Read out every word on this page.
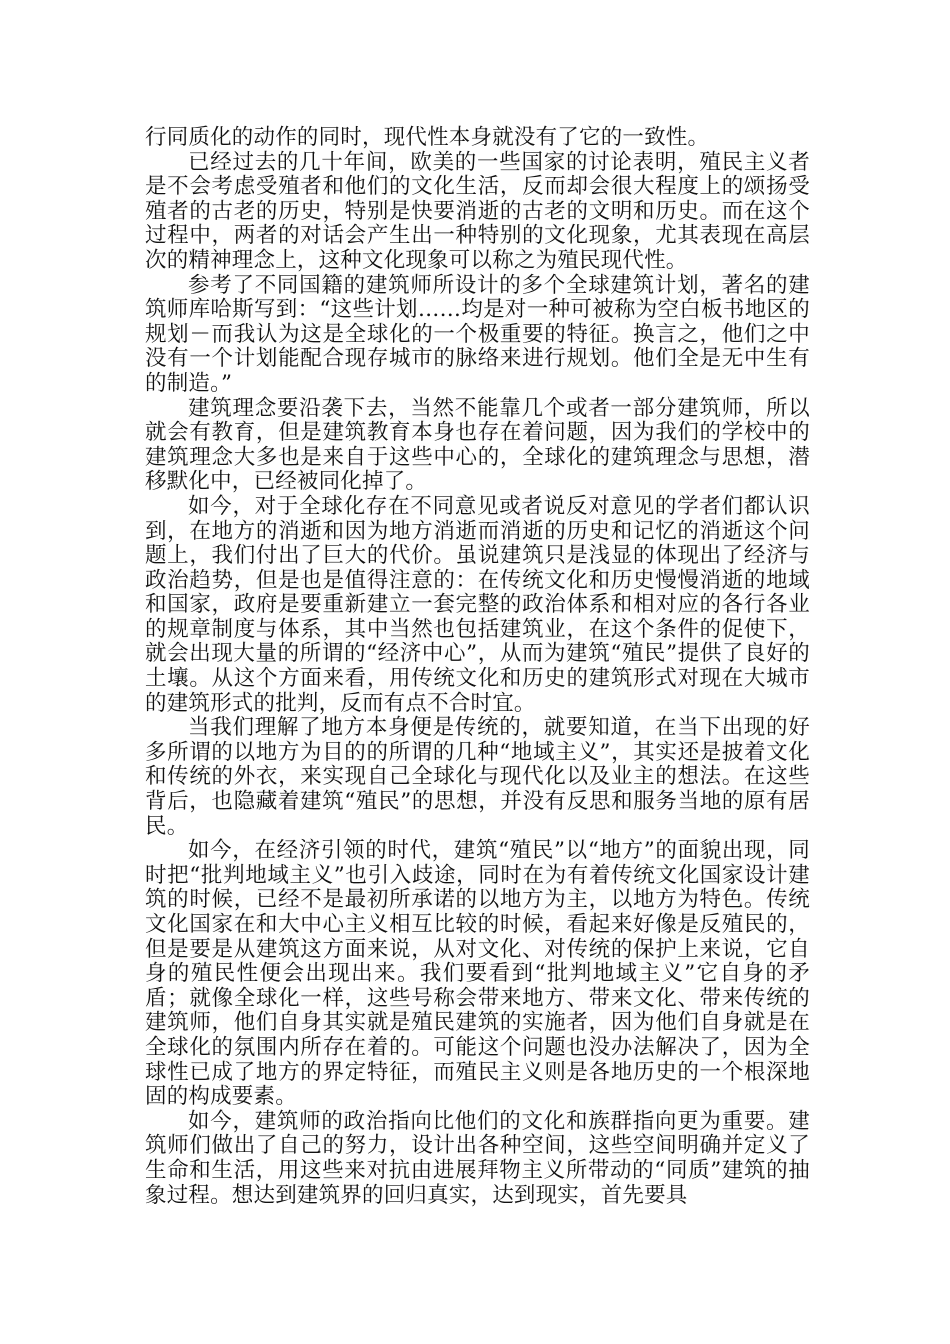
行同质化的动作的同时，现代性本身就没有了它的一致性。

已经过去的几十年间，欧美的一些国家的讨论表明，殖民主义者是不会考虑受殖者和他们的文化生活，反而却会很大程度上的颂扬受殖者的古老的历史，特别是快要消逝的古老的文明和历史。而在这个过程中，两者的对话会产生出一种特别的文化现象，尤其表现在高层次的精神理念上，这种文化现象可以称之为殖民现代性。

参考了不同国籍的建筑师所设计的多个全球建筑计划，著名的建筑师库哈斯写到：“这些计划……均是对一种可被称为空白板书地区的规划－而我认为这是全球化的一个极重要的特征。换言之，他们之中没有一个计划能配合现存城市的脉络来进行规划。他们全是无中生有的制造。”

建筑理念要沿袭下去，当然不能靠几个或者一部分建筑师，所以就会有教育，但是建筑教育本身也存在着问题，因为我们的学校中的建筑理念大多也是来自于这些中心的，全球化的建筑理念与思想，潜移默化中，已经被同化掉了。

如今，对于全球化存在不同意见或者说反对意见的学者们都认识到，在地方的消逝和因为地方消逝而消逝的历史和记忆的消逝这个问题上，我们付出了巨大的代价。虽说建筑只是浅显的体现出了经济与政治趋势，但是也是值得注意的：在传统文化和历史慢慢消逝的地域和国家，政府是要重新建立一套完整的政治体系和相对应的各行各业的规章制度与体系，其中当然也包括建筑业，在这个条件的促使下，就会出现大量的所谓的“经济中心”，从而为建筑“殖民”提供了良好的土壤。从这个方面来看，用传统文化和历史的建筑形式对现在大城市的建筑形式的批判，反而有点不合时宜。

当我们理解了地方本身便是传统的，就要知道，在当下出现的好多所谓的以地方为目的的所谓的几种“地域主义”，其实还是披着文化和传统的外衣，来实现自己全球化与现代化以及业主的想法。在这些背后，也隐藏着建筑“殖民”的思想，并没有反思和服务当地的原有居民。

如今，在经济引领的时代，建筑“殖民”以“地方”的面貌出现，同时把“批判地域主义”也引入歧途，同时在为有着传统文化国家设计建筑的时候，已经不是最初所承诺的以地方为主，以地方为特色。传统文化国家在和大中心主义相互比较的时候，看起来好像是反殖民的，但是要是从建筑这方面来说，从对文化、对传统的保护上来说，它自身的殖民性便会出现出来。我们要看到“批判地域主义”它自身的矛盾；就像全球化一样，这些号称会带来地方、带来文化、带来传统的建筑师，他们自身其实就是殖民建筑的实施者，因为他们自身就是在全球化的氛围内所存在着的。可能这个问题也没办法解决了，因为全球性已成了地方的界定特征，而殖民主义则是各地历史的一个根深地固的构成要素。

如今，建筑师的政治指向比他们的文化和族群指向更为重要。建筑师们做出了自己的努力，设计出各种空间，这些空间明确并定义了生命和生活，用这些来对抗由进展拜物主义所带动的“同质”建筑的抽象过程。想达到建筑界的回归真实，达到现实，首先要具
